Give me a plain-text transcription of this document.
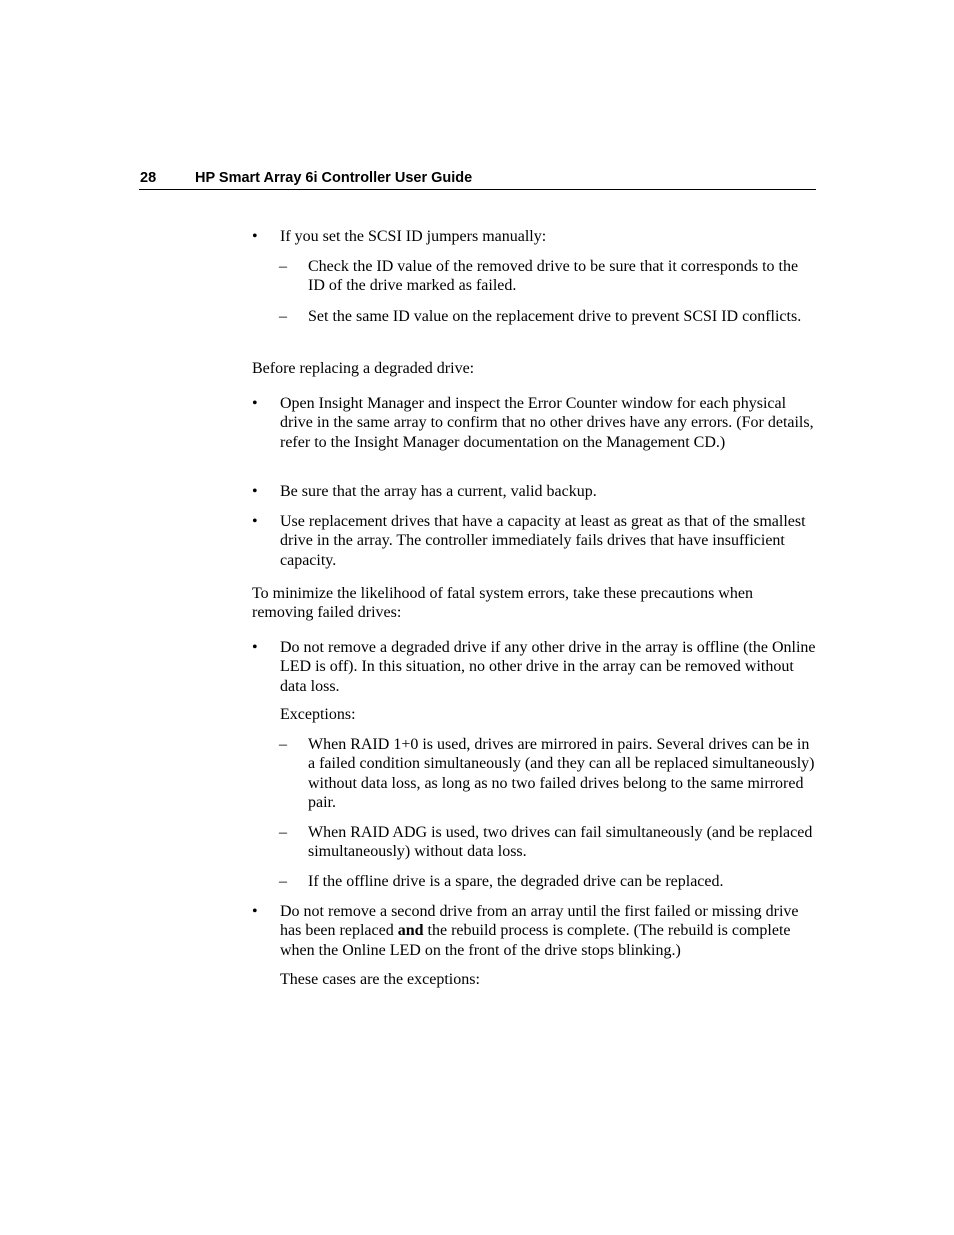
28	HP Smart Array 6i Controller User Guide
• If you set the SCSI ID jumpers manually:
– Check the ID value of the removed drive to be sure that it corresponds to the ID of the drive marked as failed.
– Set the same ID value on the replacement drive to prevent SCSI ID conflicts.

Before replacing a degraded drive:

• Open Insight Manager and inspect the Error Counter window for each physical drive in the same array to confirm that no other drives have any errors. (For details, refer to the Insight Manager documentation on the Management CD.)
• Be sure that the array has a current, valid backup.
• Use replacement drives that have a capacity at least as great as that of the smallest drive in the array. The controller immediately fails drives that have insufficient capacity.

To minimize the likelihood of fatal system errors, take these precautions when removing failed drives:

• Do not remove a degraded drive if any other drive in the array is offline (the Online LED is off). In this situation, no other drive in the array can be removed without data loss.

Exceptions:

– When RAID 1+0 is used, drives are mirrored in pairs. Several drives can be in a failed condition simultaneously (and they can all be replaced simultaneously) without data loss, as long as no two failed drives belong to the same mirrored pair.
– When RAID ADG is used, two drives can fail simultaneously (and be replaced simultaneously) without data loss.
– If the offline drive is a spare, the degraded drive can be replaced.
• Do not remove a second drive from an array until the first failed or missing drive has been replaced and the rebuild process is complete. (The rebuild is complete when the Online LED on the front of the drive stops blinking.)

These cases are the exceptions:
